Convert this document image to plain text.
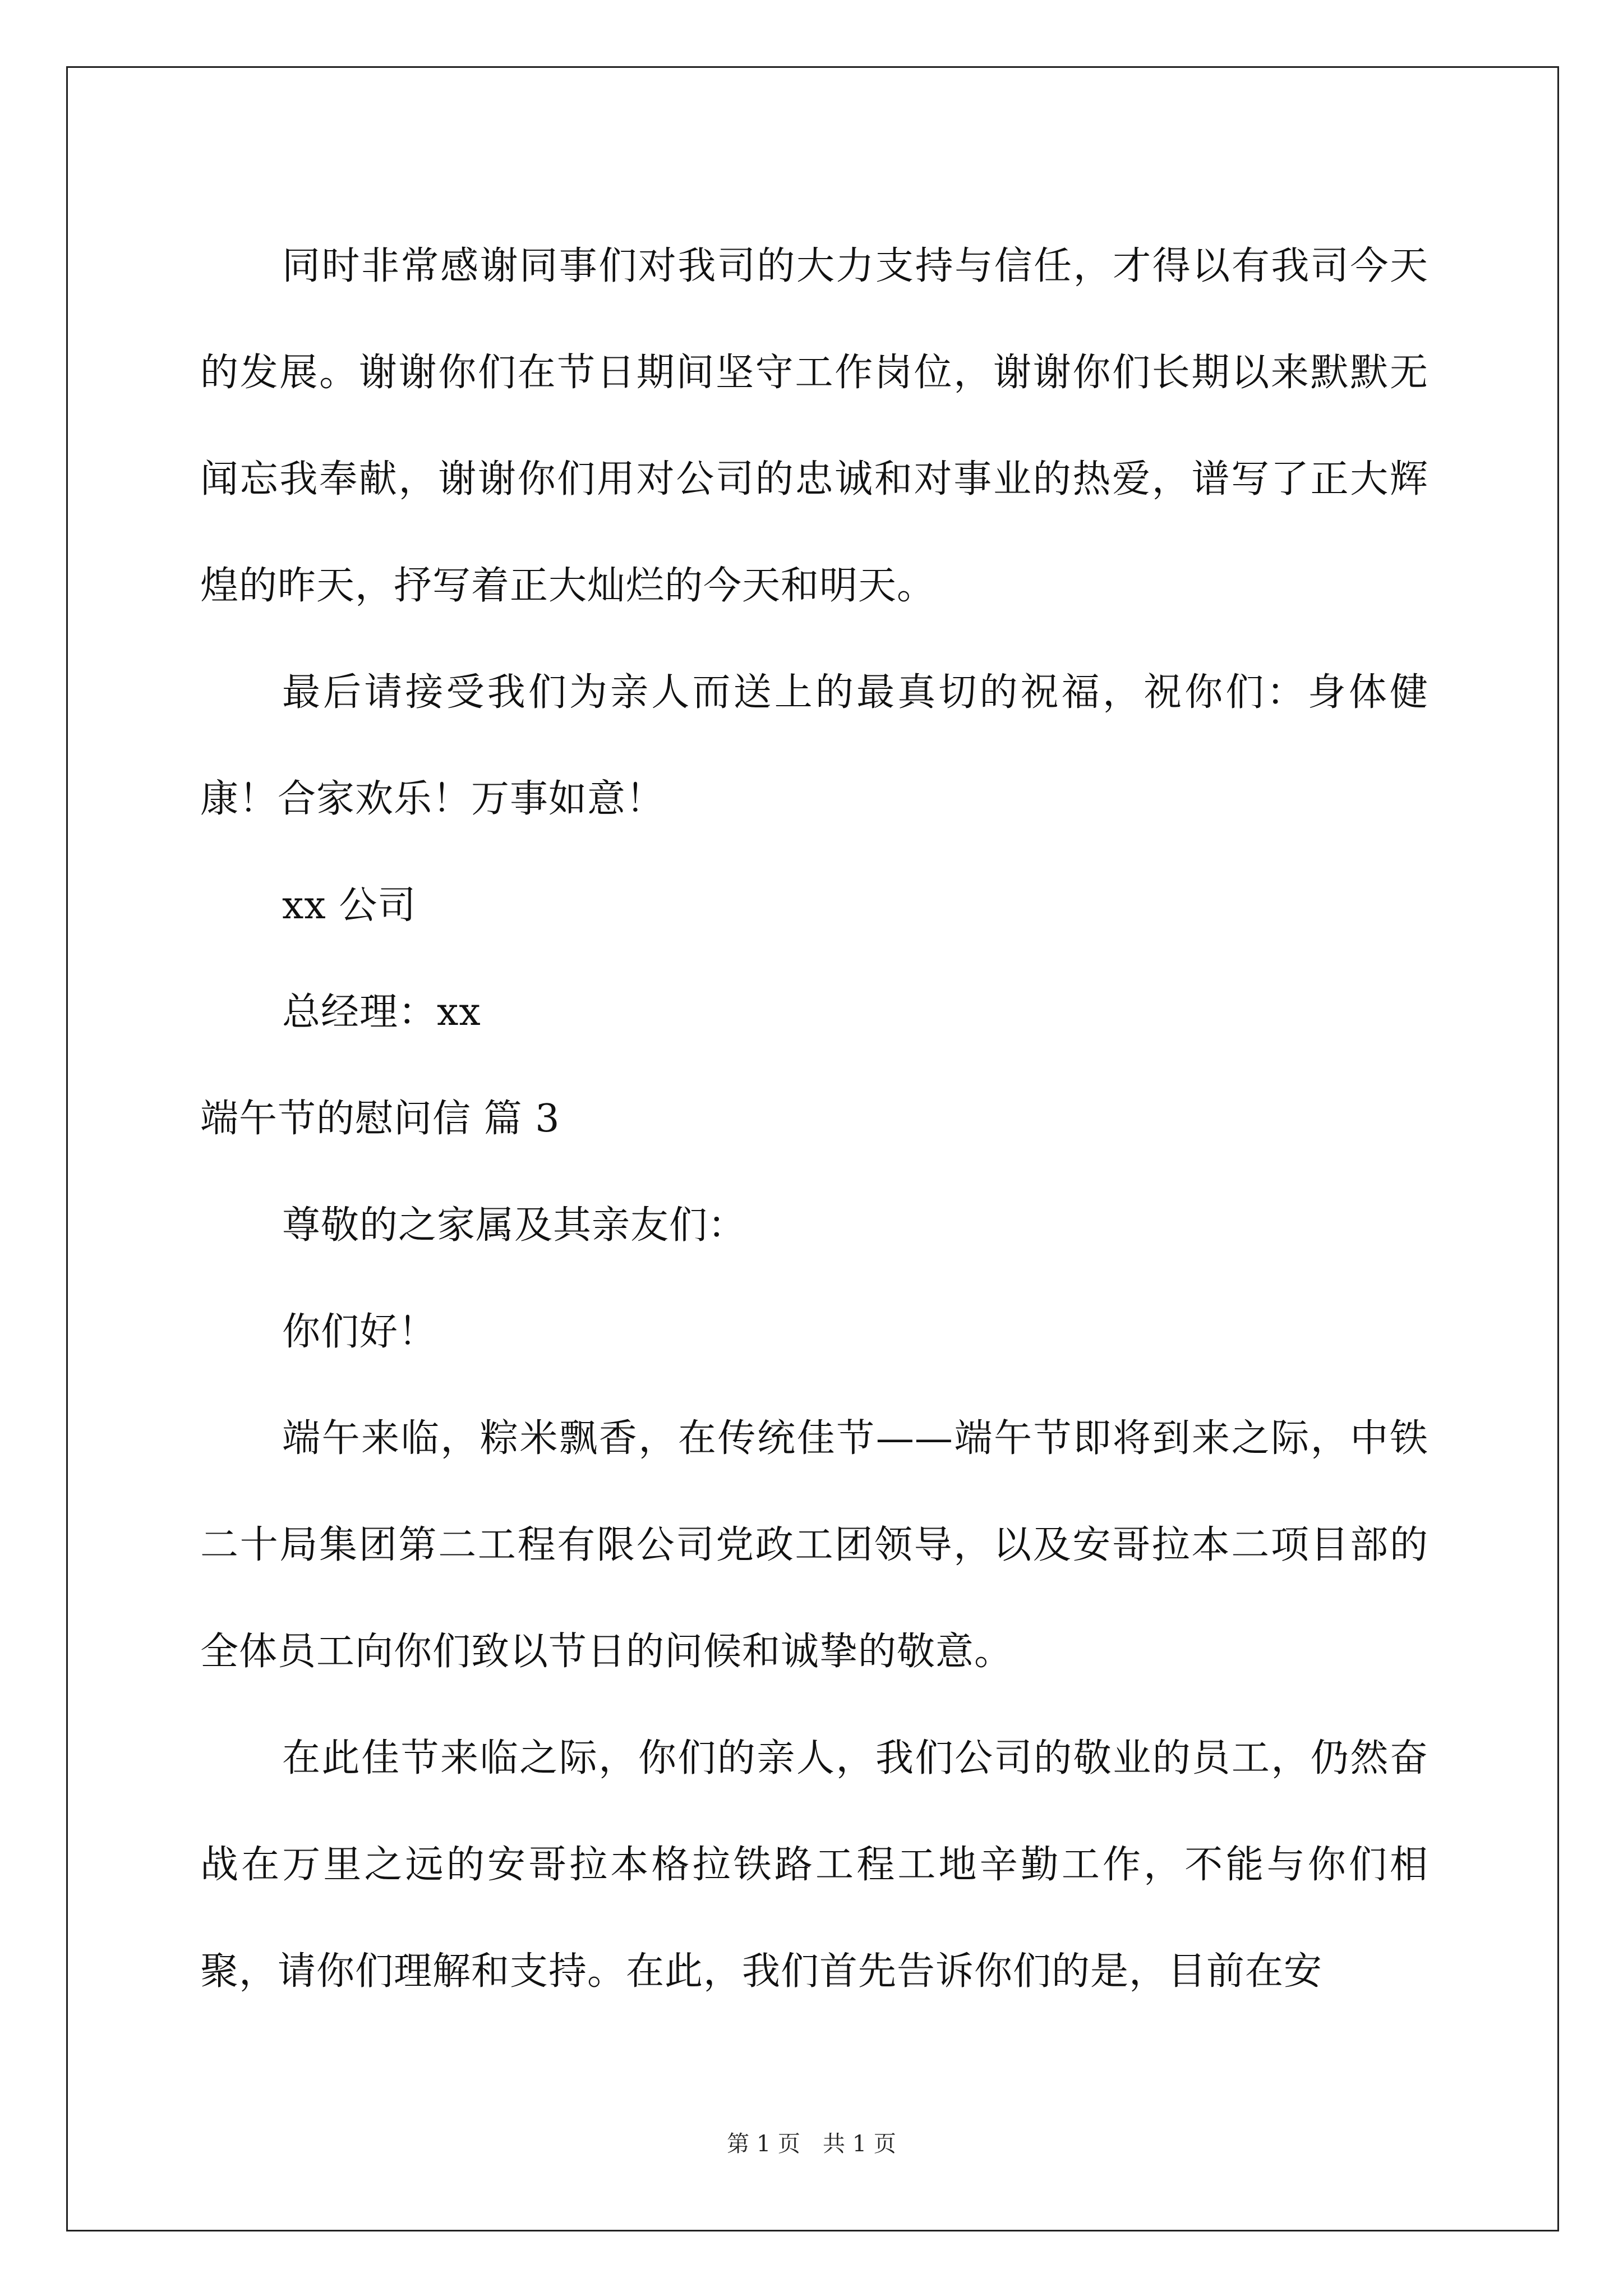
同时非常感谢同事们对我司的大力支持与信任，才得以有我司今天的发展。谢谢你们在节日期间坚守工作岗位，谢谢你们长期以来默默无闻忘我奉献，谢谢你们用对公司的忠诚和对事业的热爱，谱写了正大辉煌的昨天，抒写着正大灿烂的今天和明天。

最后请接受我们为亲人而送上的最真切的祝福，祝你们：身体健康！合家欢乐！万事如意！

xx 公司

总经理：xx

端午节的慰问信 篇 3

尊敬的之家属及其亲友们：

你们好！

端午来临，粽米飘香，在传统佳节——端午节即将到来之际，中铁二十局集团第二工程有限公司党政工团领导，以及安哥拉本二项目部的全体员工向你们致以节日的问候和诚挚的敬意。

在此佳节来临之际，你们的亲人，我们公司的敬业的员工，仍然奋战在万里之远的安哥拉本格拉铁路工程工地辛勤工作，不能与你们相聚，请你们理解和支持。在此，我们首先告诉你们的是，目前在安

第 1 页　共 1 页
